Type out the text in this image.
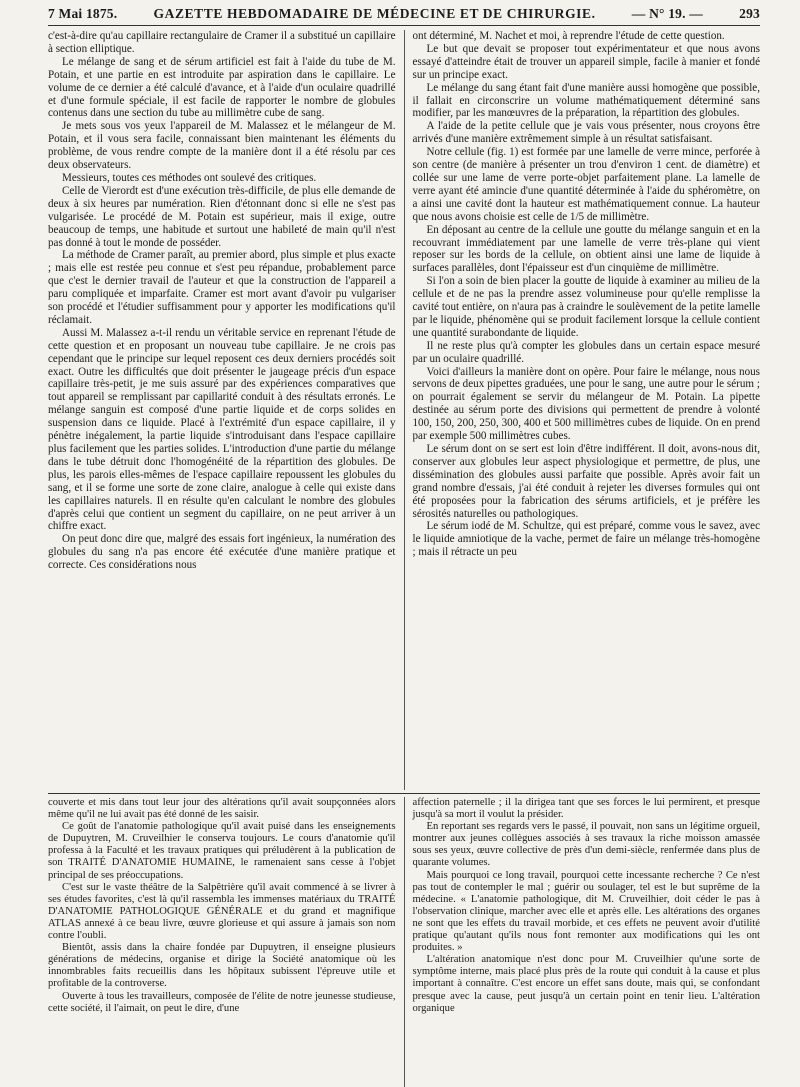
7 Mai 1875.	GAZETTE HEBDOMADAIRE DE MÉDECINE ET DE CHIRURGIE.	— N° 19. —	293

c'est-à-dire qu'au capillaire rectangulaire de Cramer il a substitué un capillaire à section elliptique.

Le mélange de sang et de sérum artificiel est fait à l'aide du tube de M. Potain, et une partie en est introduite par aspiration dans le capillaire. Le volume de ce dernier a été calculé d'avance, et à l'aide d'un oculaire quadrillé et d'une formule spéciale, il est facile de rapporter le nombre de globules contenus dans une section du tube au millimètre cube de sang.

Je mets sous vos yeux l'appareil de M. Malassez et le mélangeur de M. Potain, et il vous sera facile, connaissant bien maintenant les éléments du problème, de vous rendre compte de la manière dont il a été résolu par ces deux observateurs.

Messieurs, toutes ces méthodes ont soulevé des critiques.

Celle de Vierordt est d'une exécution très-difficile, de plus elle demande de deux à six heures par numération. Rien d'étonnant donc si elle ne s'est pas vulgarisée. Le procédé de M. Potain est supérieur, mais il exige, outre beaucoup de temps, une habitude et surtout une habileté de main qu'il n'est pas donné à tout le monde de posséder.

La méthode de Cramer paraît, au premier abord, plus simple et plus exacte ; mais elle est restée peu connue et s'est peu répandue, probablement parce que c'est le dernier travail de l'auteur et que la construction de l'appareil a paru compliquée et imparfaite. Cramer est mort avant d'avoir pu vulgariser son procédé et l'étudier suffisamment pour y apporter les modifications qu'il réclamait.

Aussi M. Malassez a-t-il rendu un véritable service en reprenant l'étude de cette question et en proposant un nouveau tube capillaire. Je ne crois pas cependant que le principe sur lequel reposent ces deux derniers procédés soit exact. Outre les difficultés que doit présenter le jaugeage précis d'un espace capillaire très-petit, je me suis assuré par des expériences comparatives que tout appareil se remplissant par capillarité conduit à des résultats erronés. Le mélange sanguin est composé d'une partie liquide et de corps solides en suspension dans ce liquide. Placé à l'extrémité d'un espace capillaire, il y pénètre inégalement, la partie liquide s'introduisant dans l'espace capillaire plus facilement que les parties solides. L'introduction d'une partie du mélange dans le tube détruit donc l'homogénéité de la répartition des globules. De plus, les parois elles-mêmes de l'espace capillaire repoussent les globules du sang, et il se forme une sorte de zone claire, analogue à celle qui existe dans les capillaires naturels. Il en résulte qu'en calculant le nombre des globules d'après celui que contient un segment du capillaire, on ne peut arriver à un chiffre exact.

On peut donc dire que, malgré des essais fort ingénieux, la numération des globules du sang n'a pas encore été exécutée d'une manière pratique et correcte. Ces considérations nous

ont déterminé, M. Nachet et moi, à reprendre l'étude de cette question.

Le but que devait se proposer tout expérimentateur et que nous avons essayé d'atteindre était de trouver un appareil simple, facile à manier et fondé sur un principe exact.

Le mélange du sang étant fait d'une manière aussi homogène que possible, il fallait en circonscrire un volume mathématiquement déterminé sans modifier, par les manœuvres de la préparation, la répartition des globules.

A l'aide de la petite cellule que je vais vous présenter, nous croyons être arrivés d'une manière extrêmement simple à un résultat satisfaisant.

Notre cellule (fig. 1) est formée par une lamelle de verre mince, perforée à son centre (de manière à présenter un trou d'environ 1 cent. de diamètre) et collée sur une lame de verre porte-objet parfaitement plane. La lamelle de verre ayant été amincie d'une quantité déterminée à l'aide du sphéromètre, on a ainsi une cavité dont la hauteur est mathématiquement connue. La hauteur que nous avons choisie est celle de 1/5 de millimètre.

En déposant au centre de la cellule une goutte du mélange sanguin et en la recouvrant immédiatement par une lamelle de verre très-plane qui vient reposer sur les bords de la cellule, on obtient ainsi une lame de liquide à surfaces parallèles, dont l'épaisseur est d'un cinquième de millimètre.

Si l'on a soin de bien placer la goutte de liquide à examiner au milieu de la cellule et de ne pas la prendre assez volumineuse pour qu'elle remplisse la cavité tout entière, on n'aura pas à craindre le soulèvement de la petite lamelle par le liquide, phénomène qui se produit facilement lorsque la cellule contient une quantité surabondante de liquide.

Il ne reste plus qu'à compter les globules dans un certain espace mesuré par un oculaire quadrillé.

Voici d'ailleurs la manière dont on opère. Pour faire le mélange, nous nous servons de deux pipettes graduées, une pour le sang, une autre pour le sérum ; on pourrait également se servir du mélangeur de M. Potain. La pipette destinée au sérum porte des divisions qui permettent de prendre à volonté 100, 150, 200, 250, 300, 400 et 500 millimètres cubes de liquide. On en prend par exemple 500 millimètres cubes.

Le sérum dont on se sert est loin d'être indifférent. Il doit, avons-nous dit, conserver aux globules leur aspect physiologique et permettre, de plus, une dissémination des globules aussi parfaite que possible. Après avoir fait un grand nombre d'essais, j'ai été conduit à rejeter les diverses formules qui ont été proposées pour la fabrication des sérums artificiels, et je préfère les sérosités naturelles ou pathologiques.

Le sérum iodé de M. Schultze, qui est préparé, comme vous le savez, avec le liquide amniotique de la vache, permet de faire un mélange très-homogène ; mais il rétracte un peu

couverte et mis dans tout leur jour des altérations qu'il avait soupçonnées alors même qu'il ne lui avait pas été donné de les saisir.

Ce goût de l'anatomie pathologique qu'il avait puisé dans les enseignements de Dupuytren, M. Cruveilhier le conserva toujours. Le cours d'anatomie qu'il professa à la Faculté et les travaux pratiques qui préludèrent à la publication de son TRAITÉ D'ANATOMIE HUMAINE, le ramenaient sans cesse à l'objet principal de ses préoccupations.

C'est sur le vaste théâtre de la Salpêtrière qu'il avait commencé à se livrer à ses études favorites, c'est là qu'il rassembla les immenses matériaux du TRAITÉ D'ANATOMIE PATHOLOGIQUE GÉNÉRALE et du grand et magnifique ATLAS annexé à ce beau livre, œuvre glorieuse et qui assure à jamais son nom contre l'oubli.

Bientôt, assis dans la chaire fondée par Dupuytren, il enseigne plusieurs générations de médecins, organise et dirige la Société anatomique où les innombrables faits recueillis dans les hôpitaux subissent l'épreuve utile et profitable de la controverse.

Ouverte à tous les travailleurs, composée de l'élite de notre jeunesse studieuse, cette société, il l'aimait, on peut le dire, d'une

affection paternelle ; il la dirigea tant que ses forces le lui permirent, et presque jusqu'à sa mort il voulut la présider.

En reportant ses regards vers le passé, il pouvait, non sans un légitime orgueil, montrer aux jeunes collègues associés à ses travaux la riche moisson amassée sous ses yeux, œuvre collective de près d'un demi-siècle, renfermée dans plus de quarante volumes.

Mais pourquoi ce long travail, pourquoi cette incessante recherche ? Ce n'est pas tout de contempler le mal ; guérir ou soulager, tel est le but suprême de la médecine. « L'anatomie pathologique, dit M. Cruveilhier, doit céder le pas à l'observation clinique, marcher avec elle et après elle. Les altérations des organes ne sont que les effets du travail morbide, et ces effets ne peuvent avoir d'utilité pratique qu'autant qu'ils nous font remonter aux modifications qui les ont produites. »

L'altération anatomique n'est donc pour M. Cruveilhier qu'une sorte de symptôme interne, mais placé plus près de la route qui conduit à la cause et plus important à connaître. C'est encore un effet sans doute, mais qui, se confondant presque avec la cause, peut jusqu'à un certain point en tenir lieu. L'altération organique
